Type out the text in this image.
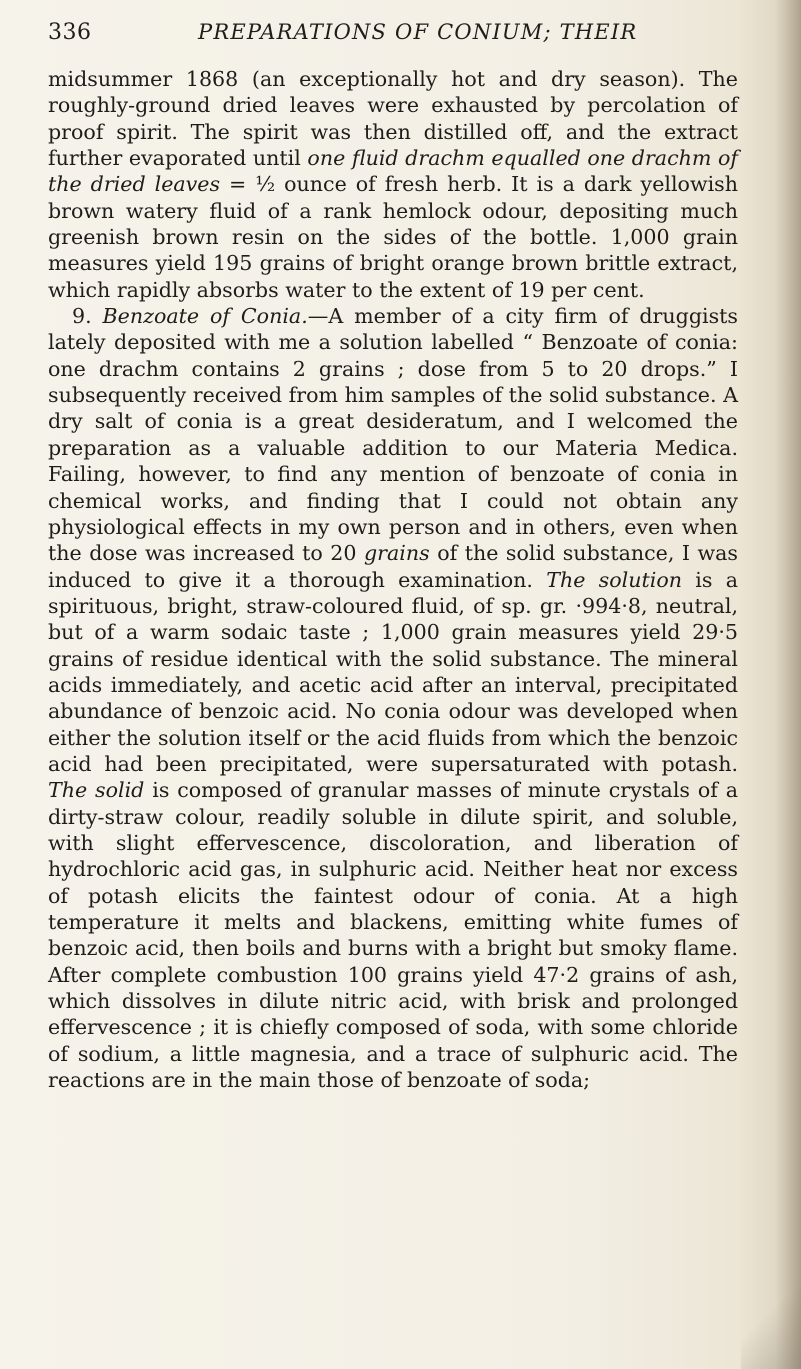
336	PREPARATIONS OF CONIUM; THEIR

midsummer 1868 (an exceptionally hot and dry season). The roughly-ground dried leaves were exhausted by percolation of proof spirit. The spirit was then distilled off, and the extract further evaporated until one fluid drachm equalled one drachm of the dried leaves = ½ ounce of fresh herb. It is a dark yellowish brown watery fluid of a rank hemlock odour, depositing much greenish brown resin on the sides of the bottle. 1,000 grain measures yield 195 grains of bright orange brown brittle extract, which rapidly absorbs water to the extent of 19 per cent.

9. Benzoate of Conia.—A member of a city firm of druggists lately deposited with me a solution labelled “ Benzoate of conia: one drachm contains 2 grains ; dose from 5 to 20 drops.” I subsequently received from him samples of the solid substance. A dry salt of conia is a great desideratum, and I welcomed the preparation as a valuable addition to our Materia Medica. Failing, however, to find any mention of benzoate of conia in chemical works, and finding that I could not obtain any physiological effects in my own person and in others, even when the dose was increased to 20 grains of the solid substance, I was induced to give it a thorough examination. The solution is a spirituous, bright, straw-coloured fluid, of sp. gr. ·994·8, neutral, but of a warm sodaic taste ; 1,000 grain measures yield 29·5 grains of residue identical with the solid substance. The mineral acids immediately, and acetic acid after an interval, precipitated abundance of benzoic acid. No conia odour was developed when either the solution itself or the acid fluids from which the benzoic acid had been precipitated, were supersaturated with potash. The solid is composed of granular masses of minute crystals of a dirty-straw colour, readily soluble in dilute spirit, and soluble, with slight effervescence, discoloration, and liberation of hydrochloric acid gas, in sulphuric acid. Neither heat nor excess of potash elicits the faintest odour of conia. At a high temperature it melts and blackens, emitting white fumes of benzoic acid, then boils and burns with a bright but smoky flame. After complete combustion 100 grains yield 47·2 grains of ash, which dissolves in dilute nitric acid, with brisk and prolonged effervescence ; it is chiefly composed of soda, with some chloride of sodium, a little magnesia, and a trace of sulphuric acid. The reactions are in the main those of benzoate of soda;
